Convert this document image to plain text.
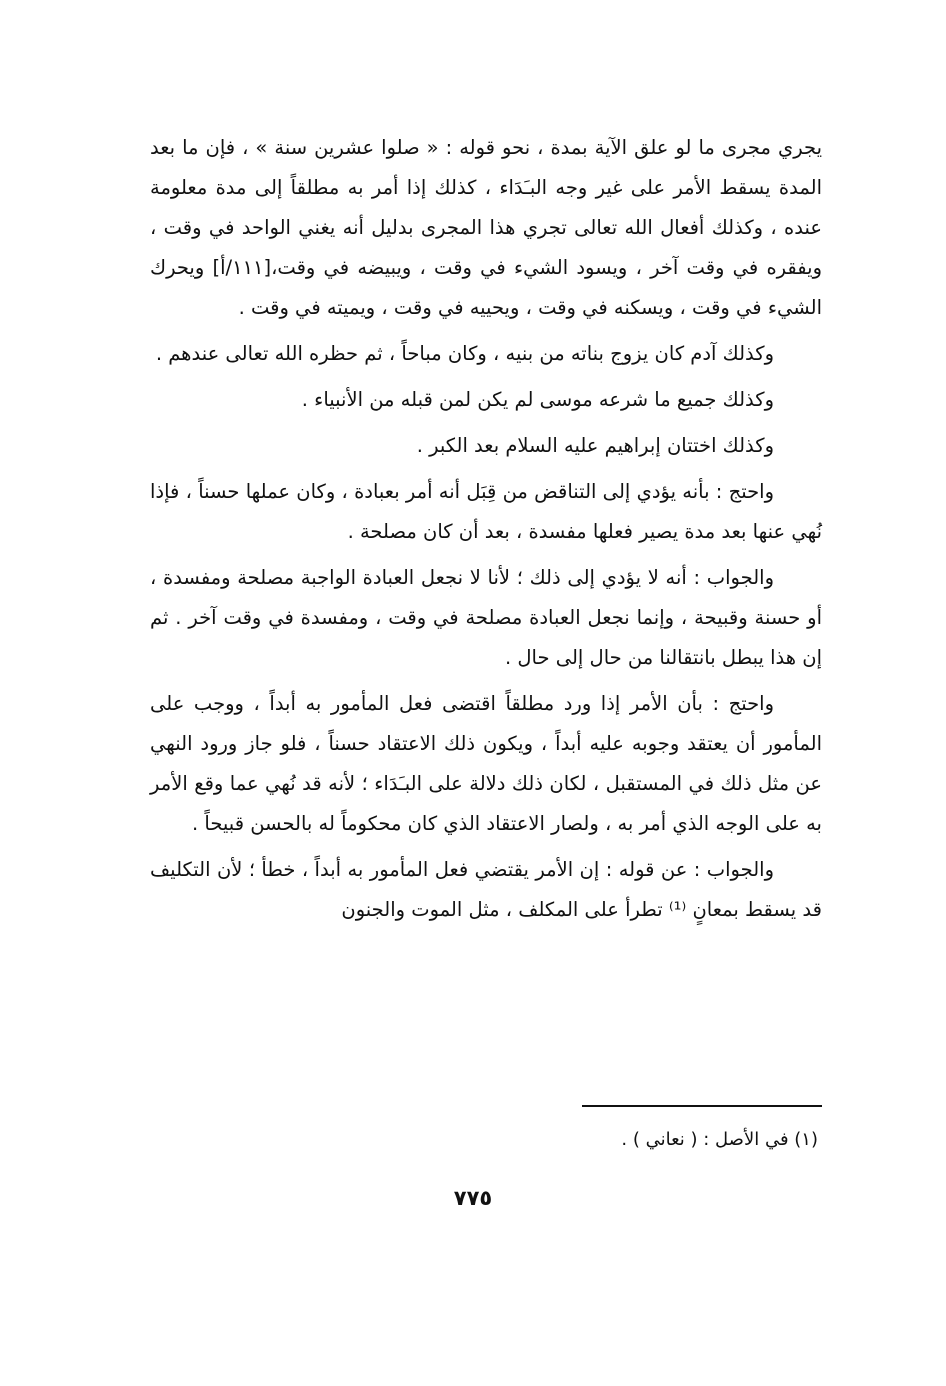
يجري مجرى ما لو علق الآية بمدة ، نحو قوله : « صلوا عشرين سنة » ، فإن ما بعد المدة يسقط الأمر على غير وجه البـَدَاء ، كذلك إذا أمر به مطلقاً إلى مدة معلومة عنده ، وكذلك أفعال الله تعالى تجري هذا المجرى بدليل أنه يغني الواحد في وقت ، ويفقره في وقت آخر ، ويسود الشيء في وقت ، ويبيضه في وقت،[١١١/أ] ويحرك الشيء في وقت ، ويسكنه في وقت ، ويحييه في وقت ، ويميته في وقت .

وكذلك آدم كان يزوج بناته من بنيه ، وكان مباحاً ، ثم حظره الله تعالى عندهم .

وكذلك جميع ما شرعه موسى لم يكن لمن قبله من الأنبياء .

وكذلك اختتان إبراهيم عليه السلام بعد الكبر .

واحتج : بأنه يؤدي إلى التناقض من قِبَل أنه أمر بعبادة ، وكان عملها حسناً ، فإذا نُهي عنها بعد مدة يصير فعلها مفسدة ، بعد أن كان مصلحة .

والجواب : أنه لا يؤدي إلى ذلك ؛ لأنا لا نجعل العبادة الواجبة مصلحة ومفسدة ، أو حسنة وقبيحة ، وإنما نجعل العبادة مصلحة في وقت ، ومفسدة في وقت آخر . ثم إن هذا يبطل بانتقالنا من حال إلى حال .

واحتج : بأن الأمر إذا ورد مطلقاً اقتضى فعل المأمور به أبداً ، ووجب على المأمور أن يعتقد وجوبه عليه أبداً ، ويكون ذلك الاعتقاد حسناً ، فلو جاز ورود النهي عن مثل ذلك في المستقبل ، لكان ذلك دلالة على البـَدَاء ؛ لأنه قد نُهي عما وقع الأمر به على الوجه الذي أمر به ، ولصار الاعتقاد الذي كان محكوماً له بالحسن قبيحاً .

والجواب : عن قوله : إن الأمر يقتضي فعل المأمور به أبداً ، خطأ ؛ لأن التكليف قد يسقط بمعانٍ ⁽¹⁾ تطرأ على المكلف ، مثل الموت والجنون

(١) في الأصل : ( نعاني ) .
٧٧٥
